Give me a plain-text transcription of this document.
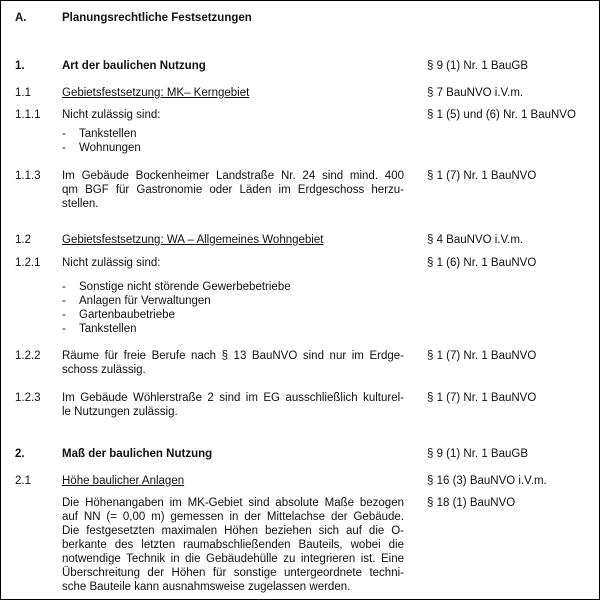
A.	Planungsrechtliche Festsetzungen
1.	Art der baulichen Nutzung	§ 9 (1) Nr. 1 BauGB
1.1	Gebietsfestsetzung: MK– Kerngebiet	§ 7 BauNVO i.V.m.
1.1.1 Nicht zulässig sind:	§ 1 (5) und (6) Nr. 1 BauNVO
- Tankstellen
- Wohnungen
1.1.3 Im Gebäude Bockenheimer Landstraße Nr. 24 sind mind. 400
qm BGF für Gastronomie oder Läden im Erdgeschoss herzu-
stellen.
§ 1 (7) Nr. 1 BauNVO
1.2	Gebietsfestsetzung: WA – Allgemeines Wohngebiet	§ 4 BauNVO i.V.m.
1.2.1 Nicht zulässig sind:	§ 1 (6) Nr. 1 BauNVO
- Sonstige nicht störende Gewerbebetriebe
- Anlagen für Verwaltungen
- Gartenbaubetriebe
- Tankstellen
1.2.2 Räume für freie Berufe nach § 13 BauNVO sind nur im Erdge-
schoss zulässig.
§ 1 (7) Nr. 1 BauNVO
1.2.3 Im Gebäude Wöhlerstraße 2 sind im EG ausschließlich kulturel-
le Nutzungen zulässig.
§ 1 (7) Nr. 1 BauNVO
2.	Maß der baulichen Nutzung	§ 9 (1) Nr. 1 BauGB
2.1	Höhe baulicher Anlagen	§ 16 (3) BauNVO i.V.m.
§ 18 (1) BauNVO
Die Höhenangaben im MK-Gebiet sind absolute Maße bezogen
auf NN (= 0,00 m) gemessen in der Mittelachse der Gebäude.
Die festgesetzten maximalen Höhen beziehen sich auf die O-
berkante des letzten raumabschließenden Bauteils, wobei die
notwendige Technik in die Gebäudehülle zu integrieren ist. Eine
Überschreitung der Höhen für sonstige untergeordnete techni-
sche Bauteile kann ausnahmsweise zugelassen werden.
